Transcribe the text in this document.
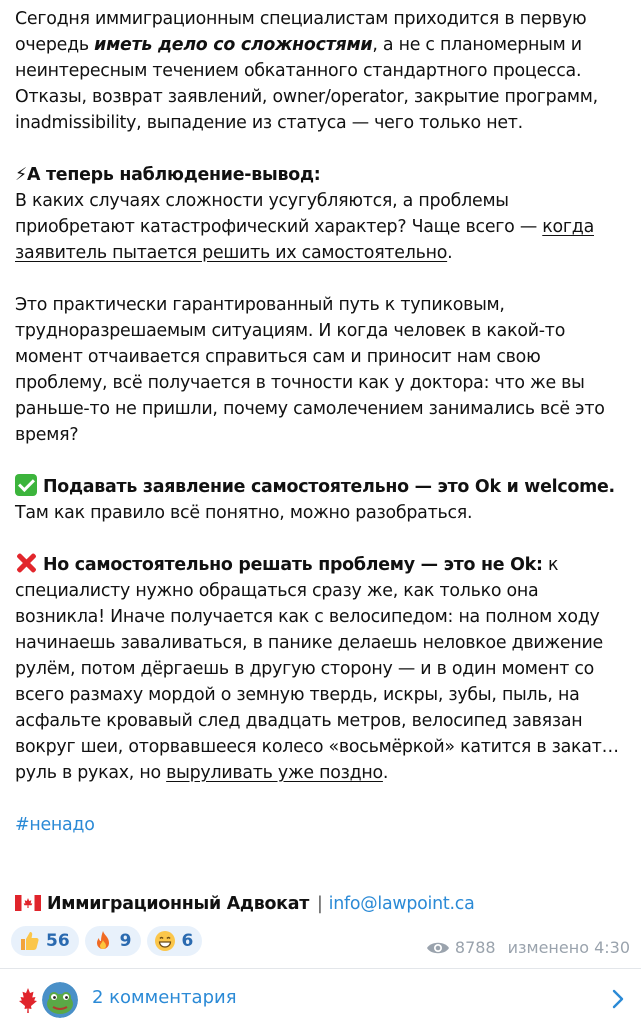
Сегодня иммиграционным специалистам приходится в первую очередь иметь дело со сложностями, а не с планомерным и неинтересным течением обкатанного стандартного процесса. Отказы, возврат заявлений, owner/operator, закрытие программ, inadmissibility, выпадение из статуса — чего только нет.

⚡А теперь наблюдение-вывод:
В каких случаях сложности усугубляются, а проблемы приобретают катастрофический характер? Чаще всего — когда заявитель пытается решить их самостоятельно.

Это практически гарантированный путь к тупиковым, трудноразрешаемым ситуациям. И когда человек в какой-то момент отчаивается справиться сам и приносит нам свою проблему, всё получается в точности как у доктора: что же вы раньше-то не пришли, почему самолечением занимались всё это время?

Подавать заявление самостоятельно — это Ok и welcome.
Там как правило всё понятно, можно разобраться.

Но самостоятельно решать проблему — это не Ok: к специалисту нужно обращаться сразу же, как только она возникла! Иначе получается как с велосипедом: на полном ходу начинаешь заваливаться, в панике делаешь неловкое движение рулём, потом дёргаешь в другую сторону — и в один момент со всего размаху мордой о земную твердь, искры, зубы, пыль, на асфальте кровавый след двадцать метров, велосипед завязан вокруг шеи, оторвавшееся колесо «восьмёркой» катится в закат… руль в руках, но выруливать уже поздно.

#ненадо

Иммиграционный Адвокат | info@lawpoint.ca
56	9	6	8788 изменено 4:30
2 комментария
